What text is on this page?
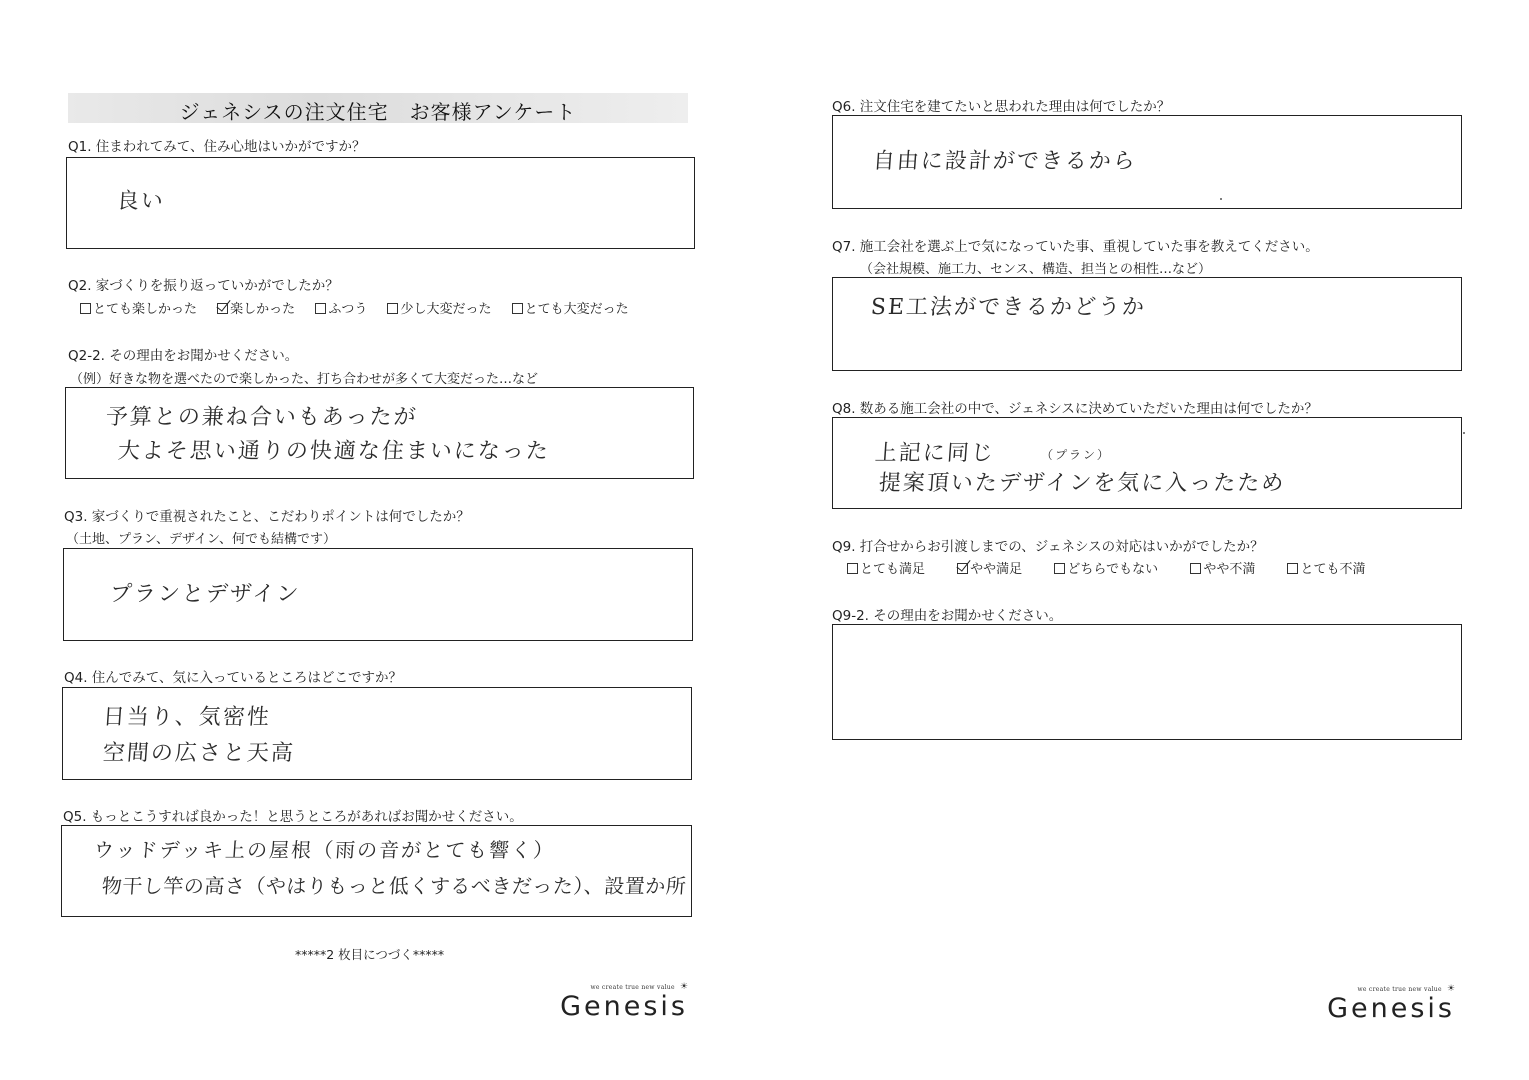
ジェネシスの注文住宅　お客様アンケート
Q1. 住まわれてみて、住み心地はいかがですか？
良い
Q2. 家づくりを振り返っていかがでしたか？
とても楽しかった	楽しかった	ふつう	少し大変だった	とても大変だった
Q2-2. その理由をお聞かせください。
（例）好きな物を選べたので楽しかった、打ち合わせが多くて大変だった…など
予算との兼ね合いもあったが
大よそ思い通りの快適な住まいになった
Q3. 家づくりで重視されたこと、こだわりポイントは何でしたか？
（土地、プラン、デザイン、何でも結構です）
プランとデザイン
Q4. 住んでみて、気に入っているところはどこですか？
日当り、気密性
空間の広さと天高
Q5. もっとこうすれば良かった！と思うところがあればお聞かせください。
ウッドデッキ上の屋根（雨の音がとても響く）
物干し竿の高さ（やはりもっと低くするべきだった）、設置か所
*****2 枚目につづく*****
we create true new value ☀
Genesis
Q6. 注文住宅を建てたいと思われた理由は何でしたか？
自由に設計ができるから
Q7. 施工会社を選ぶ上で気になっていた事、重視していた事を教えてください。
（会社規模、施工力、センス、構造、担当との相性…など）
SE工法ができるかどうか
Q8. 数ある施工会社の中で、ジェネシスに決めていただいた理由は何でしたか？
上記に同じ	（プラン）
提案頂いたデザインを気に入ったため
Q9. 打合せからお引渡しまでの、ジェネシスの対応はいかがでしたか？
とても満足	やや満足	どちらでもない	やや不満	とても不満
Q9-2. その理由をお聞かせください。
we create true new value ☀
Genesis
